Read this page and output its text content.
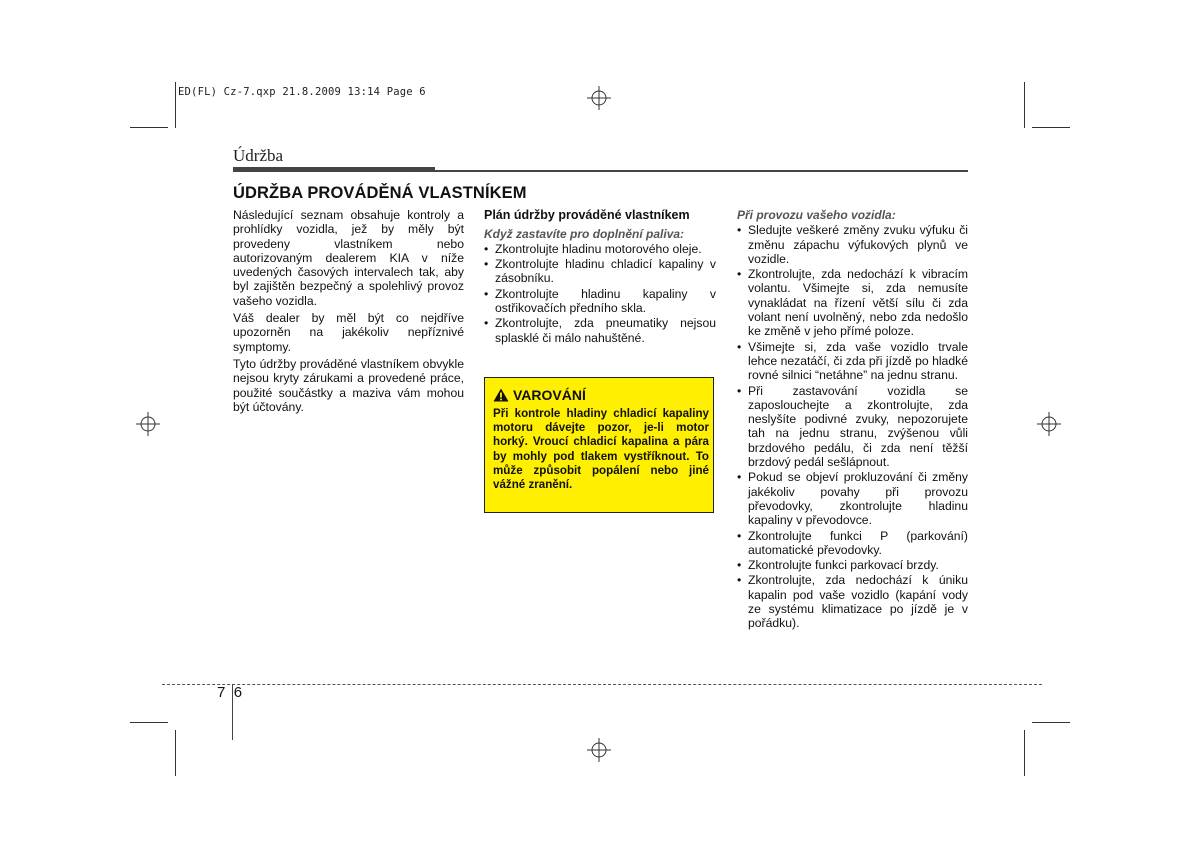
ED(FL) Cz-7.qxp 21.8.2009 13:14 Page 6
Údržba
ÚDRŽBA PROVÁDĚNÁ VLASTNÍKEM

Následující seznam obsahuje kontroly a prohlídky vozidla, jež by měly být provedeny vlastníkem nebo autorizovaným dealerem KIA v níže uvedených časových intervalech tak, aby byl zajištěn bezpečný a spolehlivý provoz vašeho vozidla.

Váš dealer by měl být co nejdříve upozorněn na jakékoliv nepříznivé symptomy.

Tyto údržby prováděné vlastníkem obvykle nejsou kryty zárukami a provedené práce, použité součástky a maziva vám mohou být účtovány.

Plán údržby prováděné vlastníkem
Když zastavíte pro doplnění paliva:
• Zkontrolujte hladinu motorového oleje.
• Zkontrolujte hladinu chladicí kapaliny v zásobníku.
• Zkontrolujte hladinu kapaliny v ostřikovačích předního skla.
• Zkontrolujte, zda pneumatiky nejsou splasklé či málo nahuštěné.
VAROVÁNÍ
Při kontrole hladiny chladicí kapaliny motoru dávejte pozor, je-li motor horký. Vroucí chladicí kapalina a pára by mohly pod tlakem vystříknout. To může způsobit popálení nebo jiné vážné zranění.
Při provozu vašeho vozidla:
• Sledujte veškeré změny zvuku výfuku či změnu zápachu výfukových plynů ve vozidle.
• Zkontrolujte, zda nedochází k vibracím volantu. Všimejte si, zda nemusíte vynakládat na řízení větší sílu či zda volant není uvolněný, nebo zda nedošlo ke změně v jeho přímé poloze.
• Všimejte si, zda vaše vozidlo trvale lehce nezatáčí, či zda při jízdě po hladké rovné silnici “netáhne” na jednu stranu.
• Při zastavování vozidla se zaposlouchejte a zkontrolujte, zda neslyšíte podivné zvuky, nepozorujete tah na jednu stranu, zvýšenou vůli brzdového pedálu, či zda není těžší brzdový pedál sešlápnout.
• Pokud se objeví prokluzování či změny jakékoliv povahy při provozu převodovky, zkontrolujte hladinu kapaliny v převodovce.
• Zkontrolujte funkci P (parkování) automatické převodovky.
• Zkontrolujte funkci parkovací brzdy.
• Zkontrolujte, zda nedochází k úniku kapalin pod vaše vozidlo (kapání vody ze systému klimatizace po jízdě je v pořádku).
7 6
